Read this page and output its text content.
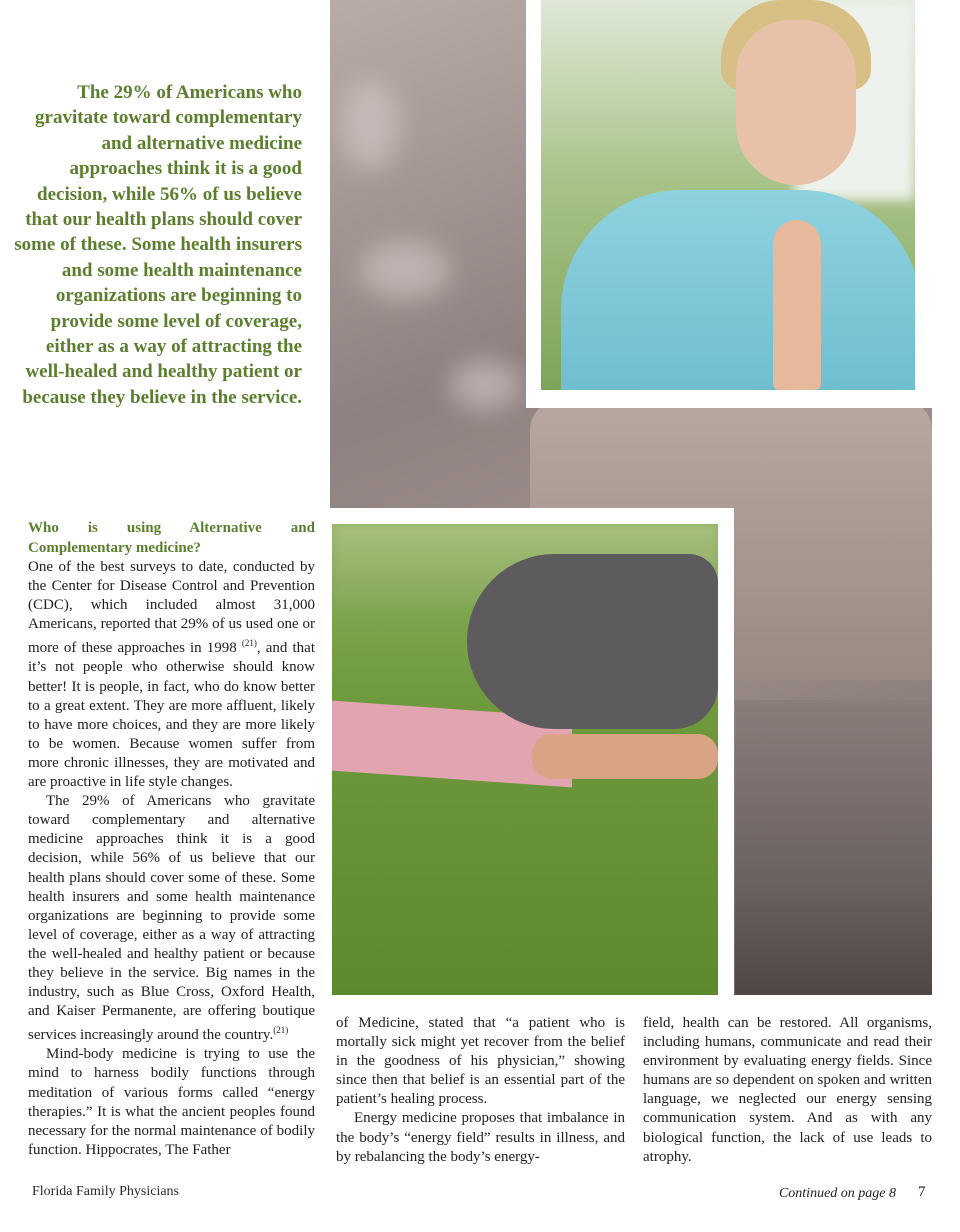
The 29% of Americans who gravitate toward complementary and alternative medicine approaches think it is a good decision, while 56% of us believe that our health plans should cover some of these. Some health insurers and some health maintenance organizations are beginning to provide some level of coverage, either as a way of attracting the well-healed and healthy patient or because they believe in the service.

Who is using Alternative and Complementary medicine?

One of the best surveys to date, conducted by the Center for Disease Control and Prevention (CDC), which included almost 31,000 Americans, reported that 29% of us used one or more of these approaches in 1998 $^{(21)}$, and that it’s not people who otherwise should know better! It is people, in fact, who do know better to a great extent. They are more affluent, likely to have more choices, and they are more likely to be women. Because women suffer from more chronic illnesses, they are motivated and are proactive in life style changes.

The 29% of Americans who gravitate toward complementary and alternative medicine approaches think it is a good decision, while 56% of us believe that our health plans should cover some of these. Some health insurers and some health maintenance organizations are beginning to provide some level of coverage, either as a way of attracting the well-healed and healthy patient or because they believe in the service. Big names in the industry, such as Blue Cross, Oxford Health, and Kaiser Permanente, are offering boutique services increasingly around the country.$^{(21)}$

Mind-body medicine is trying to use the mind to harness bodily functions through meditation of various forms called “energy therapies.” It is what the ancient peoples found necessary for the normal maintenance of bodily function. Hippocrates, The Father

of Medicine, stated that “a patient who is mortally sick might yet recover from the belief in the goodness of his physician,” showing since then that belief is an essential part of the patient’s healing process.

Energy medicine proposes that imbalance in the body’s “energy field” results in illness, and by rebalancing the body’s energy-

field, health can be restored. All organisms, including humans, communicate and read their environment by evaluating energy fields. Since humans are so dependent on spoken and written language, we neglected our energy sensing communication system. And as with any biological function, the lack of use leads to atrophy.

Florida Family Physicians	Continued on page 8 7
